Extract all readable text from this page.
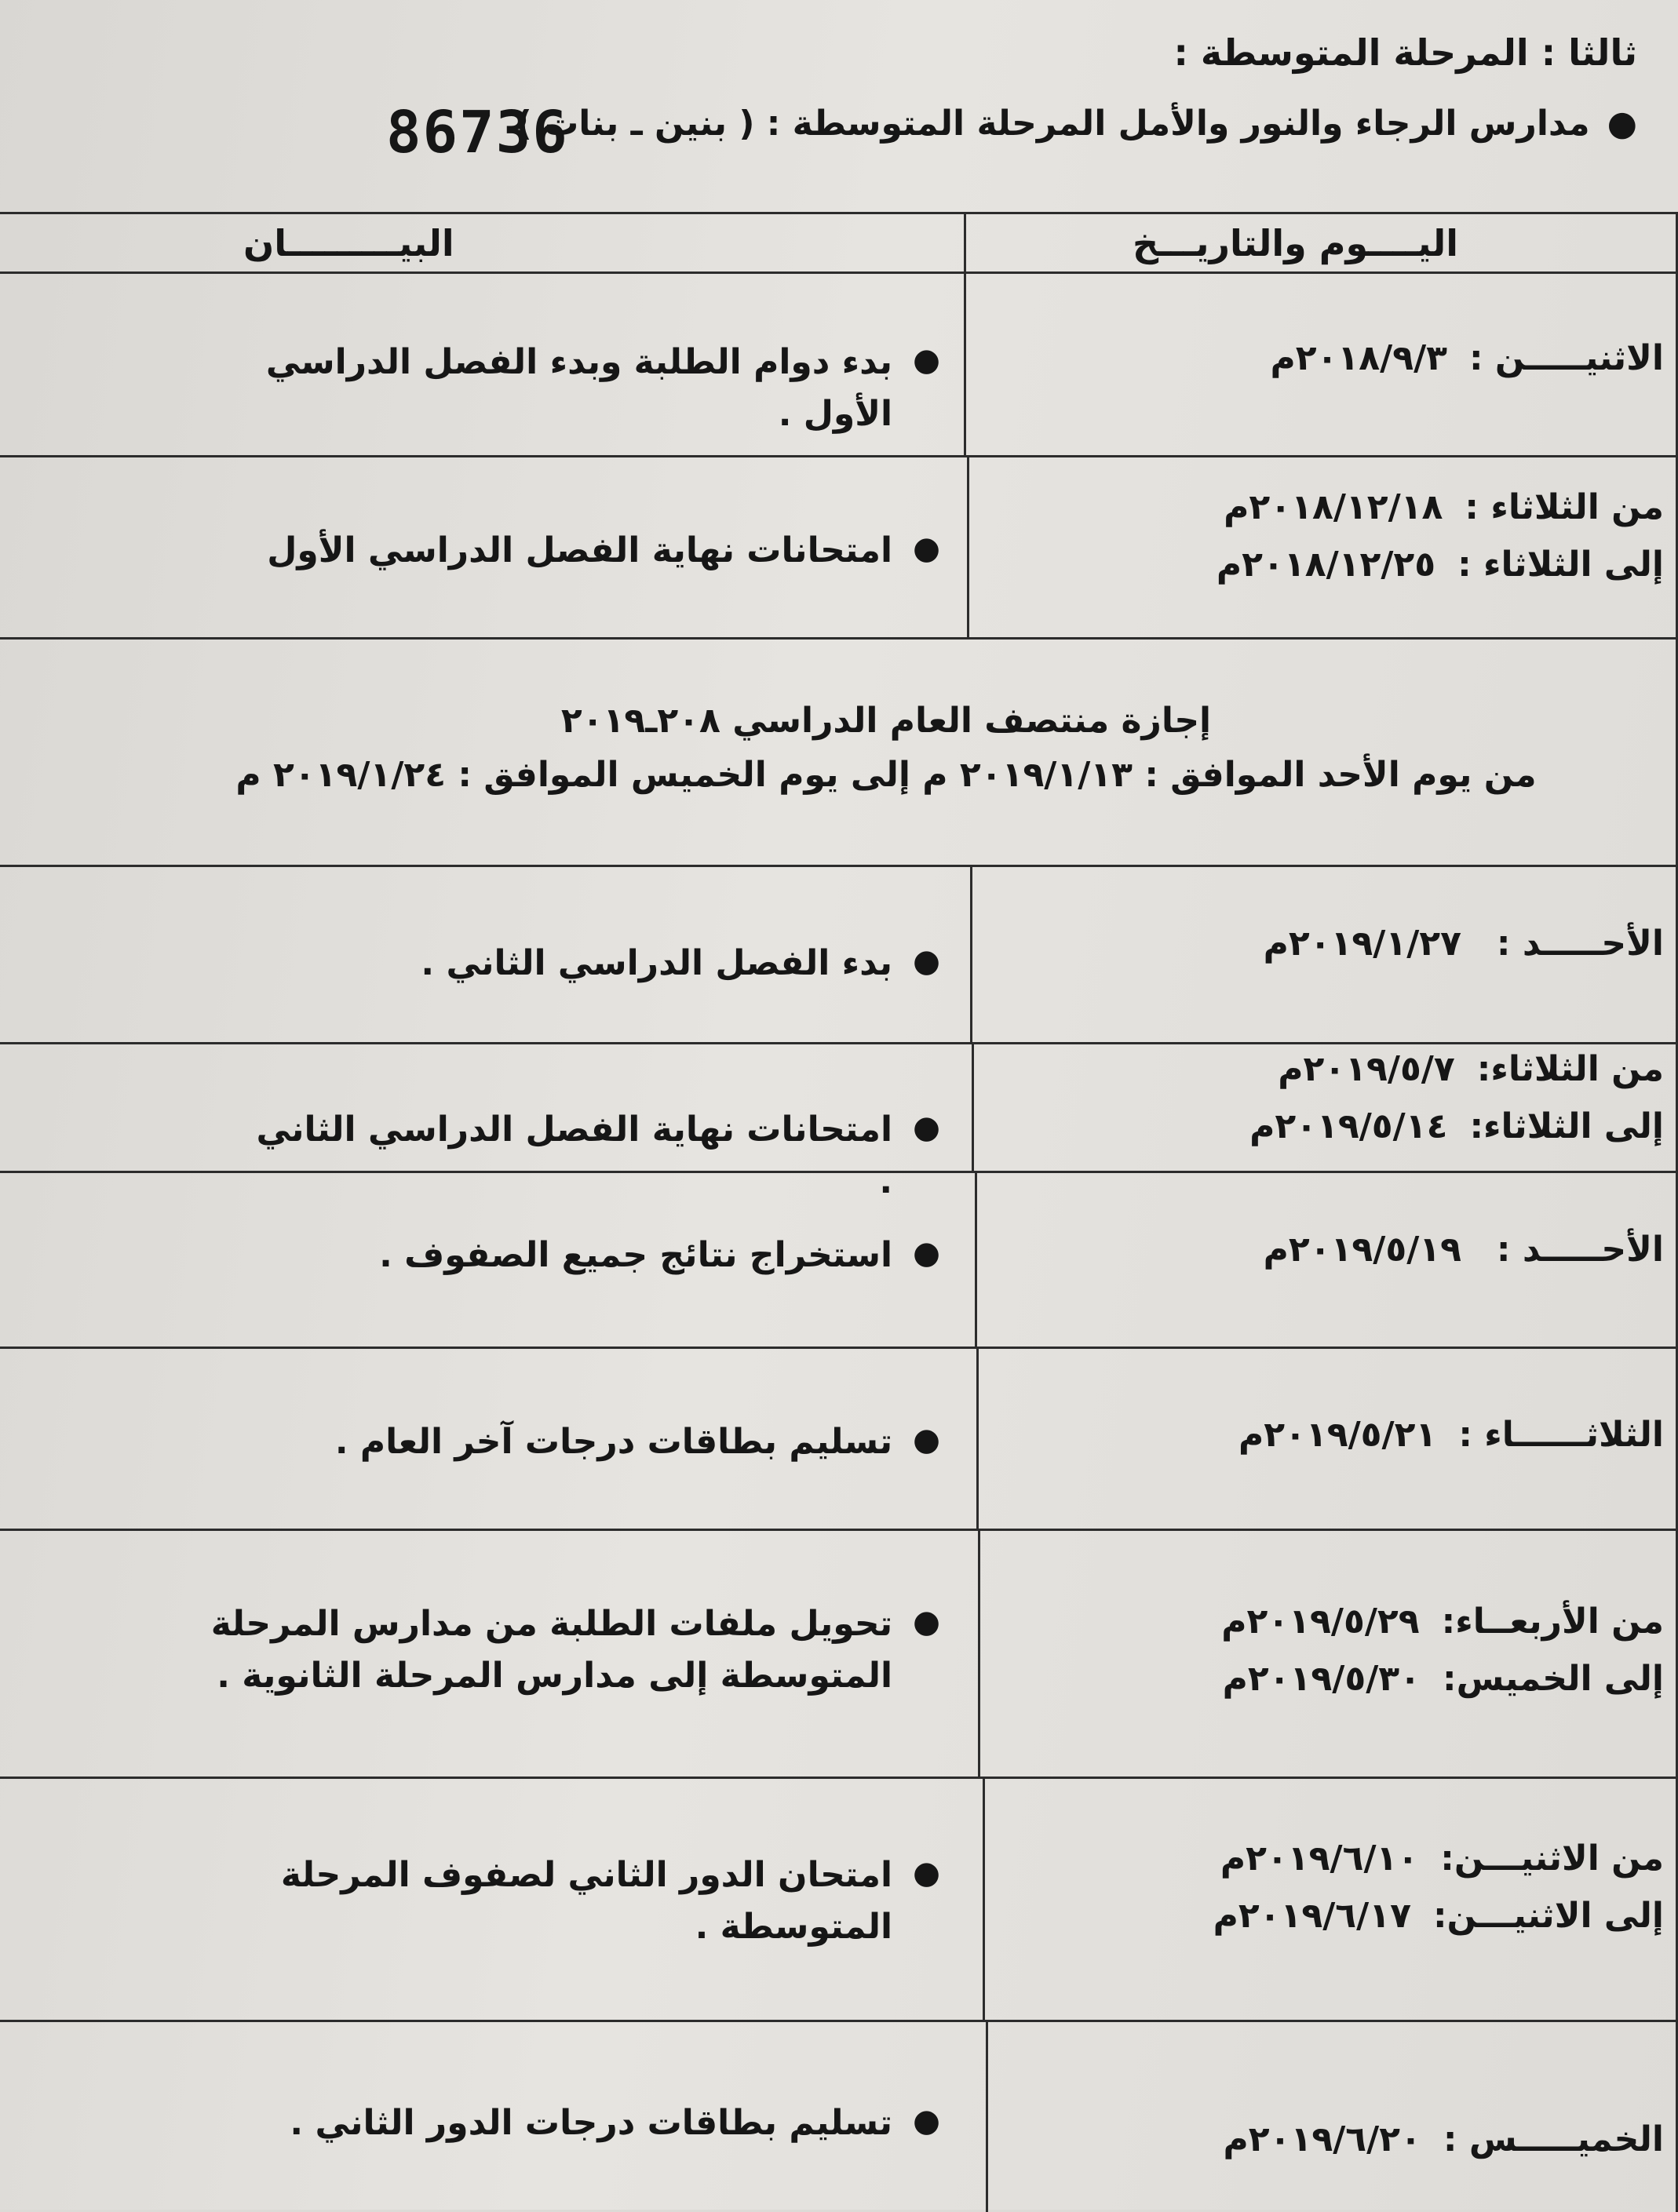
ثالثا : المرحلة المتوسطة :
●
مدارس الرجاء والنور والأمل المرحلة المتوسطة : ( بنين ـ بنات )
86736
اليــــوم والتاريـــخ
البيـــــــــان
الاثنيـــــن :
٢٠١٨/٩/٣م
●
بدء دوام الطلبة وبدء الفصل الدراسي الأول .
من الثلاثاء :
٢٠١٨/١٢/١٨م
إلى الثلاثاء :
٢٠١٨/١٢/٢٥م
●
امتحانات نهاية الفصل الدراسي الأول
إجازة منتصف العام الدراسي ٢٠٨ـ٢٠١٩
من يوم الأحد الموافق : ٢٠١٩/١/١٣ م إلى يوم الخميس الموافق : ٢٠١٩/١/٢٤ م
الأحـــــد :
٢٠١٩/١/٢٧م
●
بدء الفصل الدراسي الثاني .
من الثلاثاء:
٢٠١٩/٥/٧م
إلى الثلاثاء:
٢٠١٩/٥/١٤م
●
امتحانات نهاية الفصل الدراسي الثاني .
الأحـــــد :
٢٠١٩/٥/١٩م
●
استخراج نتائج جميع الصفوف .
الثلاثــــــاء :
٢٠١٩/٥/٢١م
●
تسليم بطاقات درجات آخر العام .
من الأربعــاء:
٢٠١٩/٥/٢٩م
إلى الخميس:
٢٠١٩/٥/٣٠م
●
تحويل ملفات الطلبة من مدارس المرحلة المتوسطة إلى مدارس المرحلة الثانوية .
من الاثنيـــن:
٢٠١٩/٦/١٠م
إلى الاثنيـــن:
٢٠١٩/٦/١٧م
●
امتحان الدور الثاني لصفوف المرحلة المتوسطة .
الخميـــــس :
٢٠١٩/٦/٢٠م
●
تسليم بطاقات درجات الدور الثاني .
